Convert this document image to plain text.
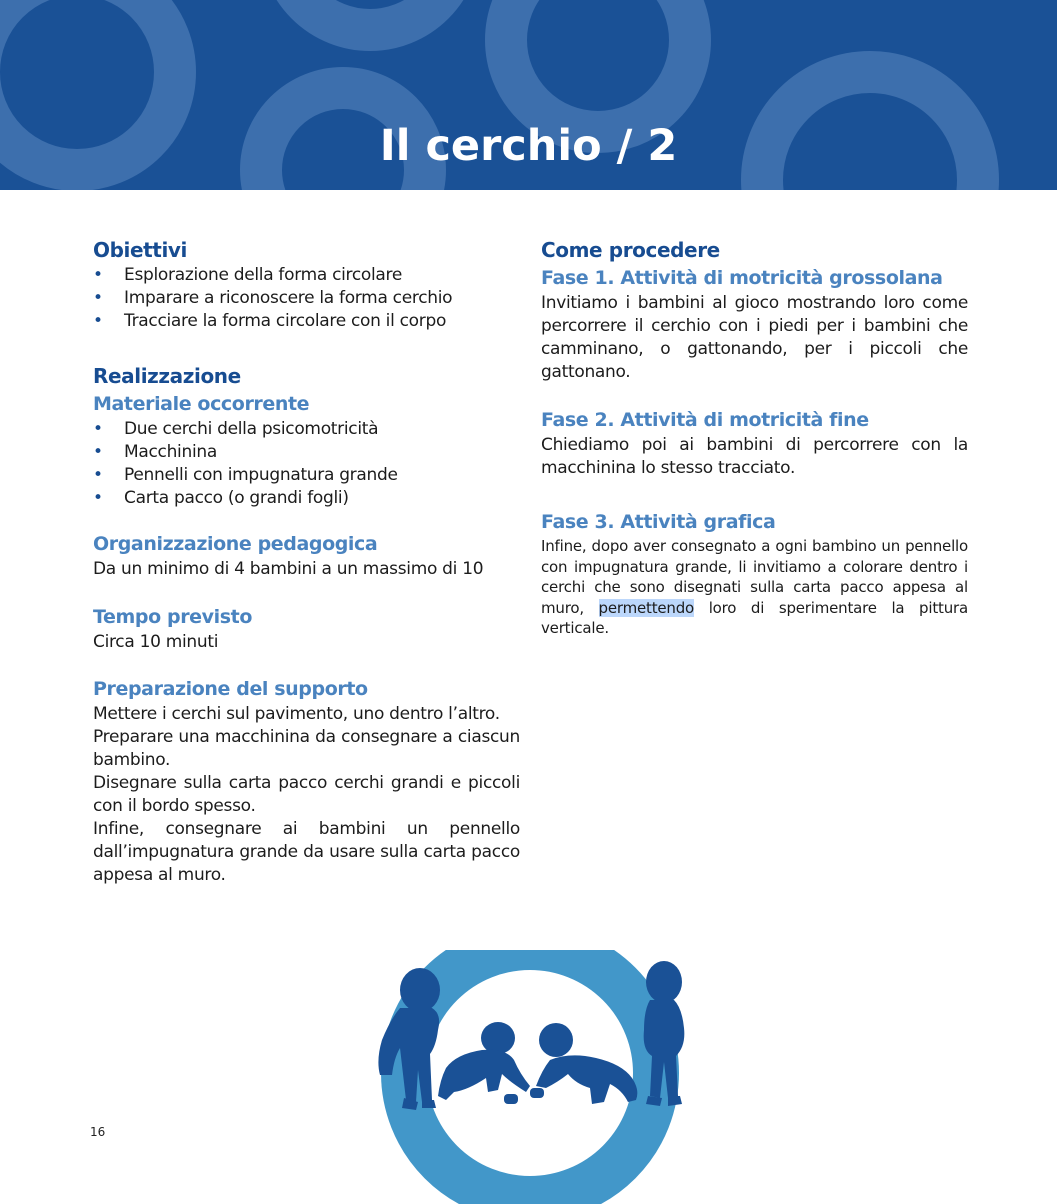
Il cerchio / 2
Obiettivi
• Esplorazione della forma circolare
• Imparare a riconoscere la forma cerchio
• Tracciare la forma circolare con il corpo
Realizzazione
Materiale occorrente
• Due cerchi della psicomotricità
• Macchinina
• Pennelli con impugnatura grande
• Carta pacco (o grandi fogli)
Organizzazione pedagogica

Da un minimo di 4 bambini a un massimo di 10

Tempo previsto

Circa 10 minuti

Preparazione del supporto

Mettere i cerchi sul pavimento, uno dentro l’altro.

Preparare una macchinina da consegnare a ciascun bambino.

Disegnare sulla carta pacco cerchi grandi e piccoli con il bordo spesso.

Infine, consegnare ai bambini un pennello dall’impugnatura grande da usare sulla carta pacco appesa al muro.

Come procedere
Fase 1. Attività di motricità grossolana

Invitiamo i bambini al gioco mostrando loro come percorrere il cerchio con i piedi per i bambini che camminano, o gattonando, per i piccoli che gattonano.

Fase 2. Attività di motricità fine

Chiediamo poi ai bambini di percorrere con la macchinina lo stesso tracciato.

Fase 3. Attività grafica

Infine, dopo aver consegnato a ogni bambino un pennello con impugnatura grande, li invitiamo a colorare dentro i cerchi che sono disegnati sulla carta pacco appesa al muro, permettendo loro di sperimentare la pittura verticale.

16
